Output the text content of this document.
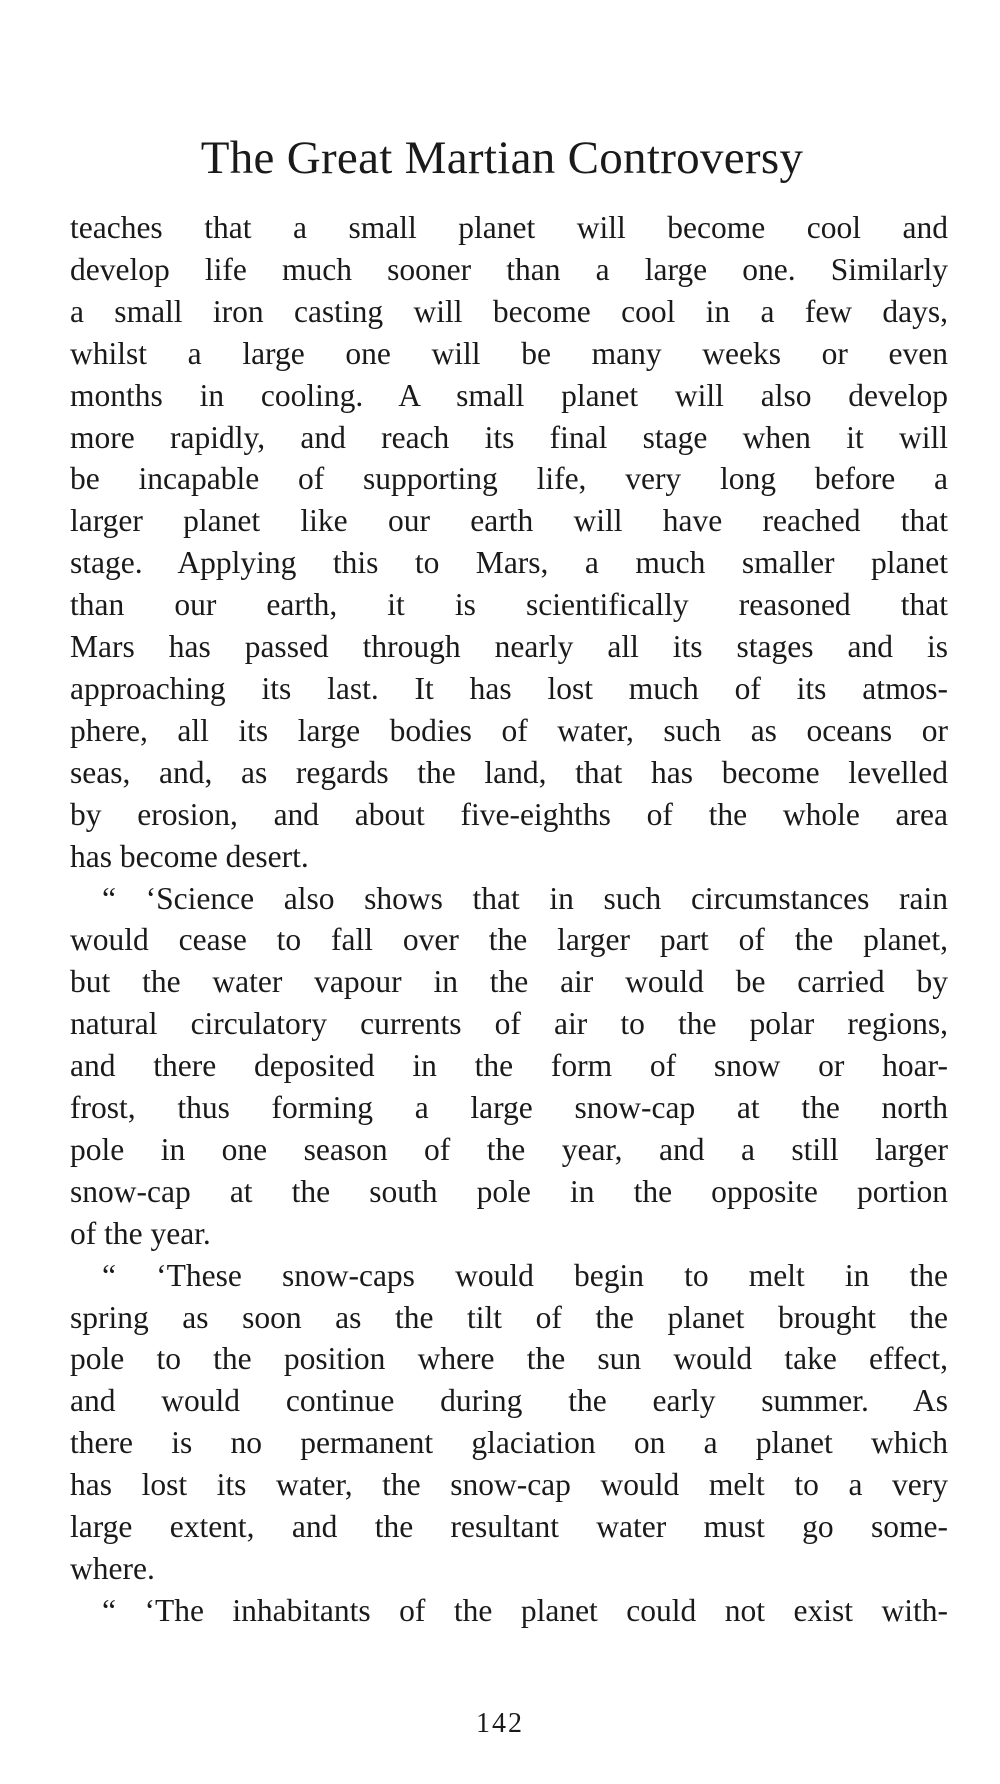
The Great Martian Controversy
teaches that a small planet will become cool and
develop life much sooner than a large one. Similarly
a small iron casting will become cool in a few days,
whilst a large one will be many weeks or even
months in cooling. A small planet will also develop
more rapidly, and reach its final stage when it will
be incapable of supporting life, very long before a
larger planet like our earth will have reached that
stage. Applying this to Mars, a much smaller planet
than our earth, it is scientifically reasoned that
Mars has passed through nearly all its stages and is
approaching its last. It has lost much of its atmos-
phere, all its large bodies of water, such as oceans or
seas, and, as regards the land, that has become levelled
by erosion, and about five-eighths of the whole area
has become desert.
“ ‘Science also shows that in such circumstances rain
would cease to fall over the larger part of the planet,
but the water vapour in the air would be carried by
natural circulatory currents of air to the polar regions,
and there deposited in the form of snow or hoar-
frost, thus forming a large snow-cap at the north
pole in one season of the year, and a still larger
snow-cap at the south pole in the opposite portion
of the year.
“ ‘These snow-caps would begin to melt in the
spring as soon as the tilt of the planet brought the
pole to the position where the sun would take effect,
and would continue during the early summer. As
there is no permanent glaciation on a planet which
has lost its water, the snow-cap would melt to a very
large extent, and the resultant water must go some-
where.
“ ‘The inhabitants of the planet could not exist with-
142
